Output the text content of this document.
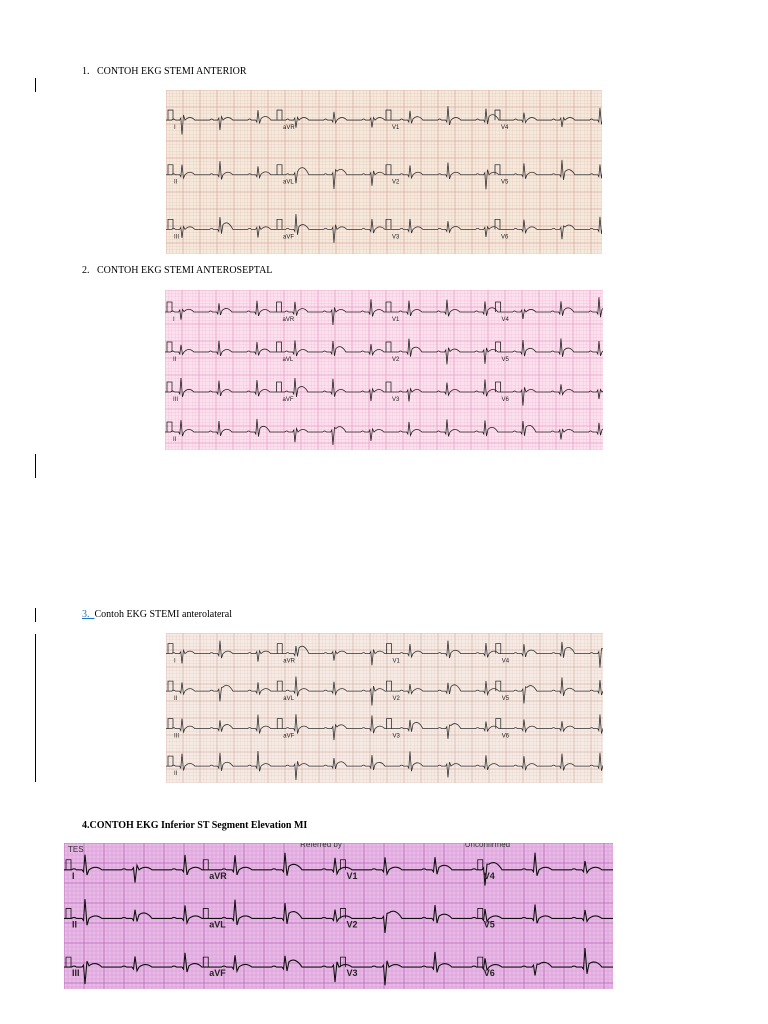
1. CONTOH EKG STEMI ANTERIOR
I	aVR	V1	V4
II	aVL	V2	V5
III	aVF	V3	V6
2. CONTOH EKG STEMI ANTEROSEPTAL
I	aVR	V1	V4
II	aVL	V2	V5
III	aVF	V3	V6
II
3. Contoh EKG STEMI anterolateral
I	aVR	V1	V4
II	aVL	V2	V5
III	aVF	V3	V6
II
4.CONTOH EKG Inferior ST Segment Elevation MI
I	aVR	V1	V4
II	aVL	V2	V5
III	aVF	V3	V6
TES
Referred by	Unconfirmed
